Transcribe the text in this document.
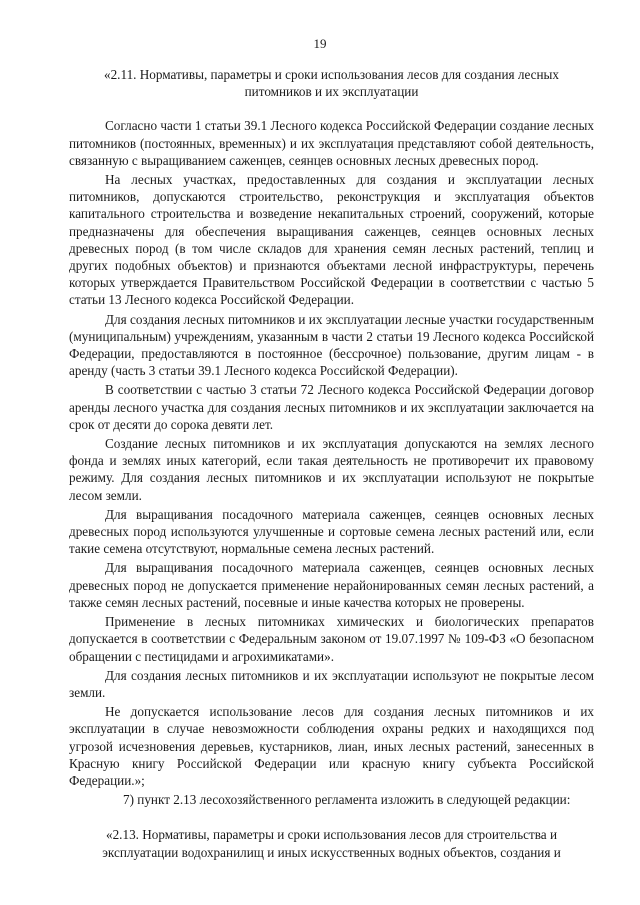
19

«2.11. Нормативы, параметры и сроки использования лесов для создания лесных питомников и их эксплуатации

Согласно части 1 статьи 39.1 Лесного кодекса Российской Федерации создание лесных питомников (постоянных, временных) и их эксплуатация представляют собой деятельность, связанную с выращиванием саженцев, сеянцев основных лесных древесных пород.

На лесных участках, предоставленных для создания и эксплуатации лесных питомников, допускаются строительство, реконструкция и эксплуатация объектов капитального строительства и возведение некапитальных строений, сооружений, которые предназначены для обеспечения выращивания саженцев, сеянцев основных лесных древесных пород (в том числе складов для хранения семян лесных растений, теплиц и других подобных объектов) и признаются объектами лесной инфраструктуры, перечень которых утверждается Правительством Российской Федерации в соответствии с частью 5 статьи 13 Лесного кодекса Российской Федерации.

Для создания лесных питомников и их эксплуатации лесные участки государственным (муниципальным) учреждениям, указанным в части 2 статьи 19 Лесного кодекса Российской Федерации, предоставляются в постоянное (бессрочное) пользование, другим лицам - в аренду (часть 3 статьи 39.1 Лесного кодекса Российской Федерации).

В соответствии с частью 3 статьи 72 Лесного кодекса Российской Федерации договор аренды лесного участка для создания лесных питомников и их эксплуатации заключается на срок от десяти до сорока девяти лет.

Создание лесных питомников и их эксплуатация допускаются на землях лесного фонда и землях иных категорий, если такая деятельность не противоречит их правовому режиму. Для создания лесных питомников и их эксплуатации используют не покрытые лесом земли.

Для выращивания посадочного материала саженцев, сеянцев основных лесных древесных пород используются улучшенные и сортовые семена лесных растений или, если такие семена отсутствуют, нормальные семена лесных растений.

Для выращивания посадочного материала саженцев, сеянцев основных лесных древесных пород не допускается применение нерайонированных семян лесных растений, а также семян лесных растений, посевные и иные качества которых не проверены.

Применение в лесных питомниках химических и биологических препаратов допускается в соответствии с Федеральным законом от 19.07.1997 № 109-ФЗ «О безопасном обращении с пестицидами и агрохимикатами».

Для создания лесных питомников и их эксплуатации используют не покрытые лесом земли.

Не допускается использование лесов для создания лесных питомников и их эксплуатации в случае невозможности соблюдения охраны редких и находящихся под угрозой исчезновения деревьев, кустарников, лиан, иных лесных растений, занесенных в Красную книгу Российской Федерации или красную книгу субъекта Российской Федерации.»;

7) пункт 2.13 лесохозяйственного регламента изложить в следующей редакции:

«2.13. Нормативы, параметры и сроки использования лесов для строительства и эксплуатации водохранилищ и иных искусственных водных объектов, создания и
